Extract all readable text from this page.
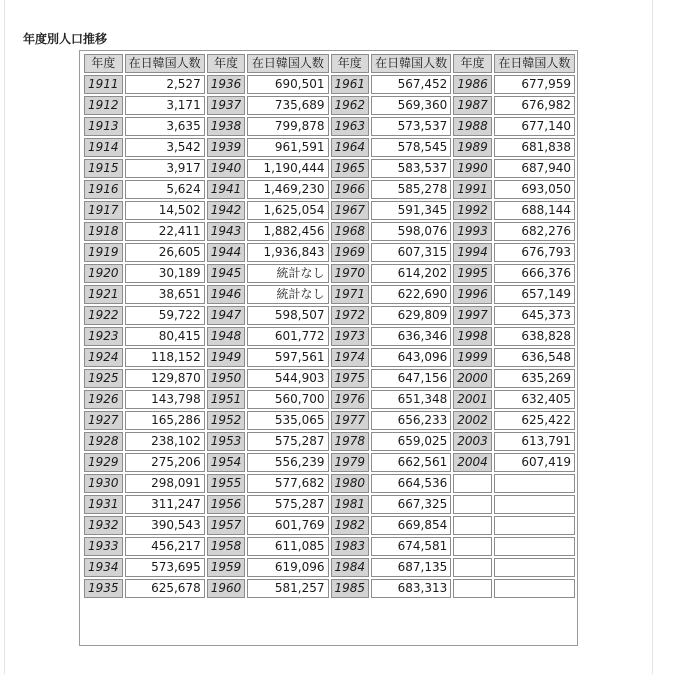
年度別人口推移
年度	在日韓国人数	年度	在日韓国人数	年度	在日韓国人数	年度	在日韓国人数
1911	2,527	1936	690,501	1961	567,452	1986	677,959
1912	3,171	1937	735,689	1962	569,360	1987	676,982
1913	3,635	1938	799,878	1963	573,537	1988	677,140
1914	3,542	1939	961,591	1964	578,545	1989	681,838
1915	3,917	1940	1,190,444	1965	583,537	1990	687,940
1916	5,624	1941	1,469,230	1966	585,278	1991	693,050
1917	14,502	1942	1,625,054	1967	591,345	1992	688,144
1918	22,411	1943	1,882,456	1968	598,076	1993	682,276
1919	26,605	1944	1,936,843	1969	607,315	1994	676,793
1920	30,189	1945	統計なし	1970	614,202	1995	666,376
1921	38,651	1946	統計なし	1971	622,690	1996	657,149
1922	59,722	1947	598,507	1972	629,809	1997	645,373
1923	80,415	1948	601,772	1973	636,346	1998	638,828
1924	118,152	1949	597,561	1974	643,096	1999	636,548
1925	129,870	1950	544,903	1975	647,156	2000	635,269
1926	143,798	1951	560,700	1976	651,348	2001	632,405
1927	165,286	1952	535,065	1977	656,233	2002	625,422
1928	238,102	1953	575,287	1978	659,025	2003	613,791
1929	275,206	1954	556,239	1979	662,561	2004	607,419
1930	298,091	1955	577,682	1980	664,536		
1931	311,247	1956	575,287	1981	667,325		
1932	390,543	1957	601,769	1982	669,854		
1933	456,217	1958	611,085	1983	674,581		
1934	573,695	1959	619,096	1984	687,135		
1935	625,678	1960	581,257	1985	683,313		
